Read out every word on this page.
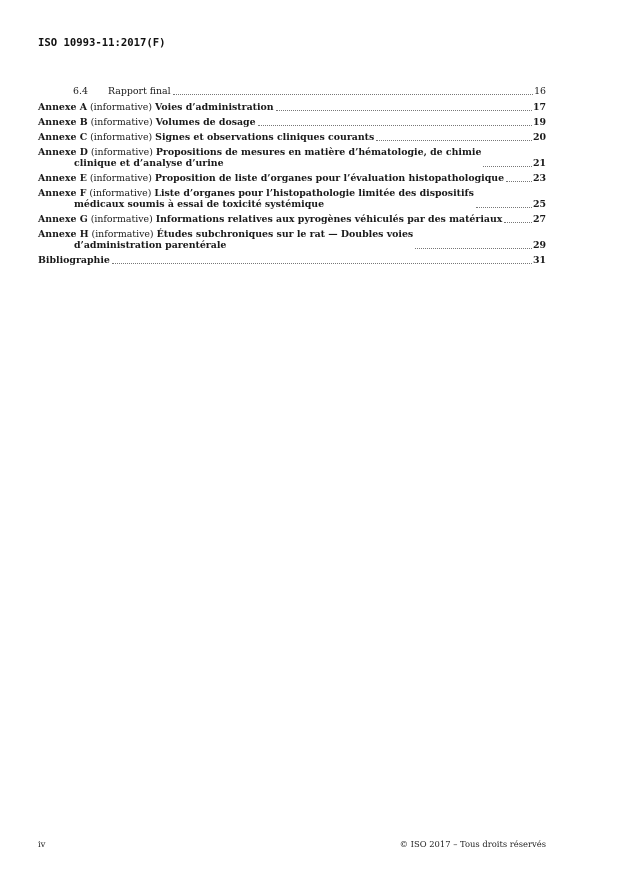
ISO 10993-11:2017(F)
6.4 Rapport final	16
Annexe A (informative) Voies d’administration	17
Annexe B (informative) Volumes de dosage	19
Annexe C (informative) Signes et observations cliniques courants	20
Annexe D (informative) Propositions de mesures en matière d’hématologie, de chimie
clinique et d’analyse d’urine	21
Annexe E (informative) Proposition de liste d’organes pour l’évaluation histopathologique	23
Annexe F (informative) Liste d’organes pour l’histopathologie limitée des dispositifs
médicaux soumis à essai de toxicité systémique	25
Annexe G (informative) Informations relatives aux pyrogènes véhiculés par des matériaux	27
Annexe H (informative) Études subchroniques sur le rat — Doubles voies
d’administration parentérale	29
Bibliographie	31
iv	© ISO 2017 – Tous droits réservés
